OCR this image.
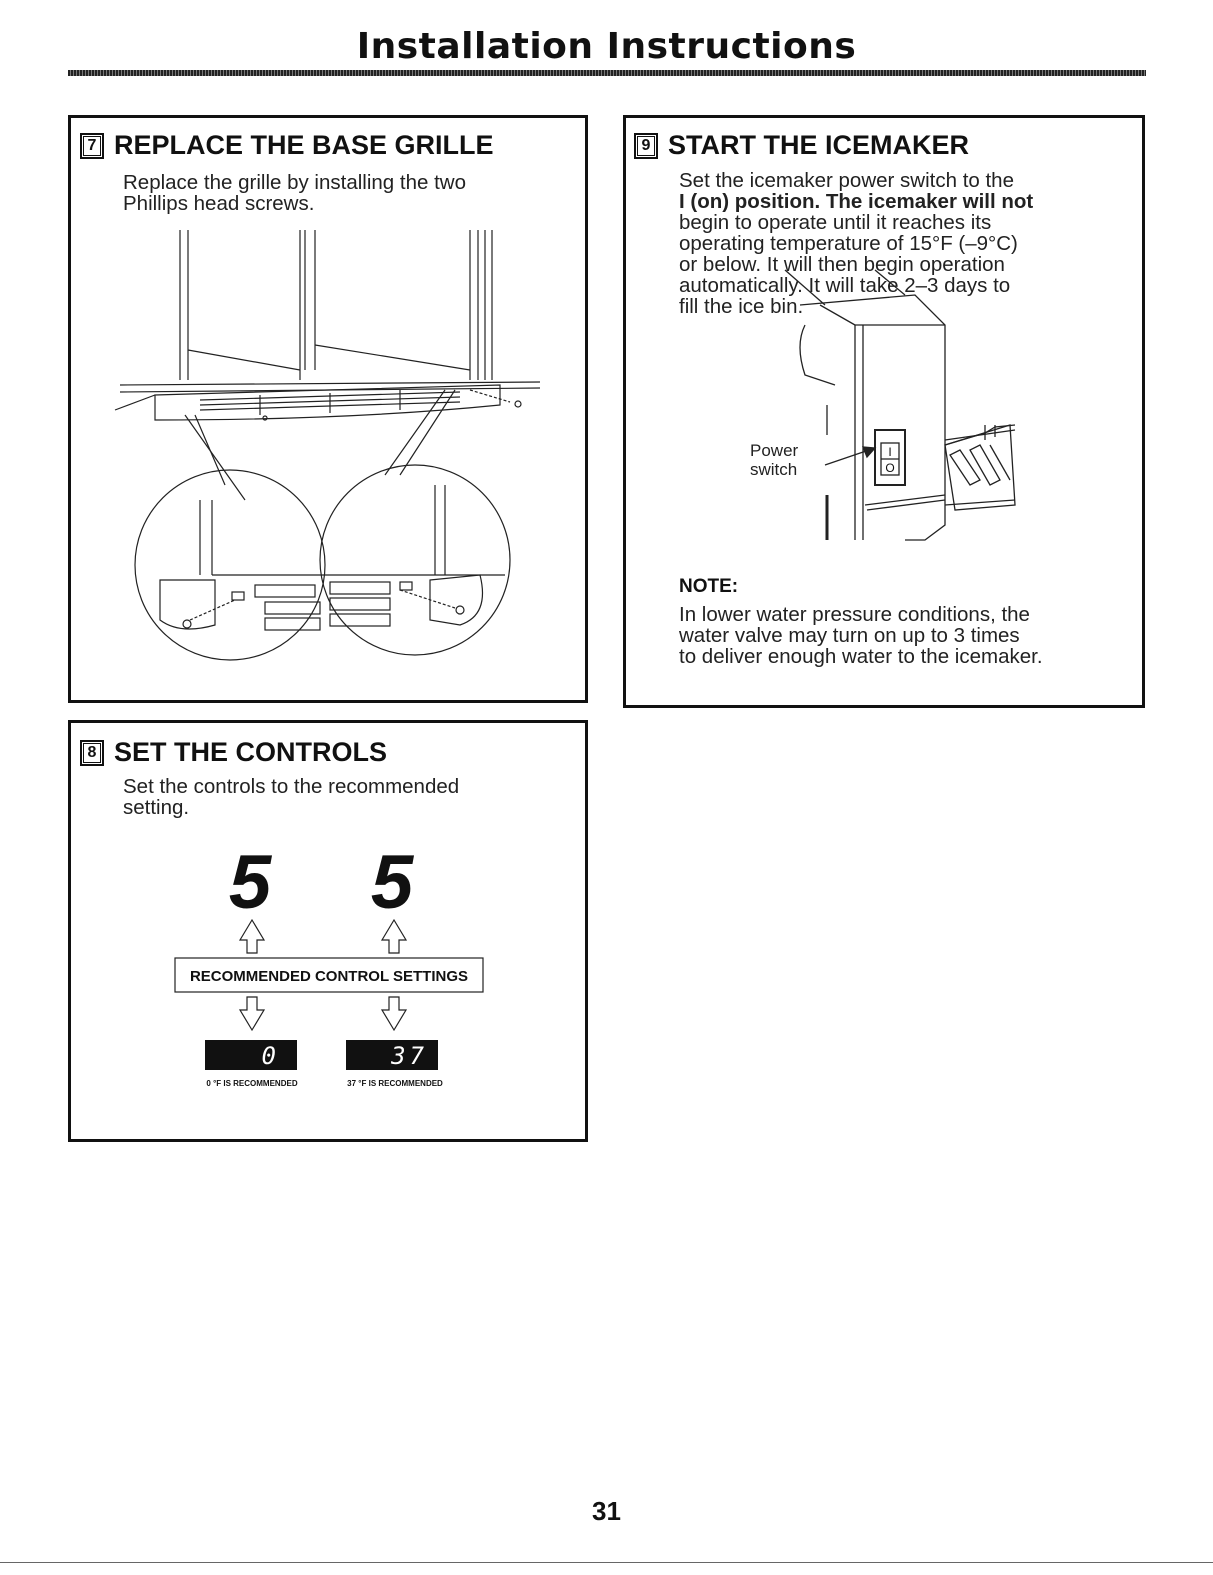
Installation Instructions
7 REPLACE THE BASE GRILLE
Replace the grille by installing the two
Phillips head screws.
8 SET THE CONTROLS
Set the controls to the recommended
setting.
5 5
RECOMMENDED CONTROL SETTINGS
0	37
0 °F IS RECOMMENDED	37 °F IS RECOMMENDED
9 START THE ICEMAKER
Set the icemaker power switch to the
I (on) position. The icemaker will not
begin to operate until it reaches its
operating temperature of 15°F (–9°C)
or below. It will then begin operation
automatically. It will take 2–3 days to
fill the ice bin.
I
O
Power
switch
NOTE:
In lower water pressure conditions, the
water valve may turn on up to 3 times
to deliver enough water to the icemaker.
31
